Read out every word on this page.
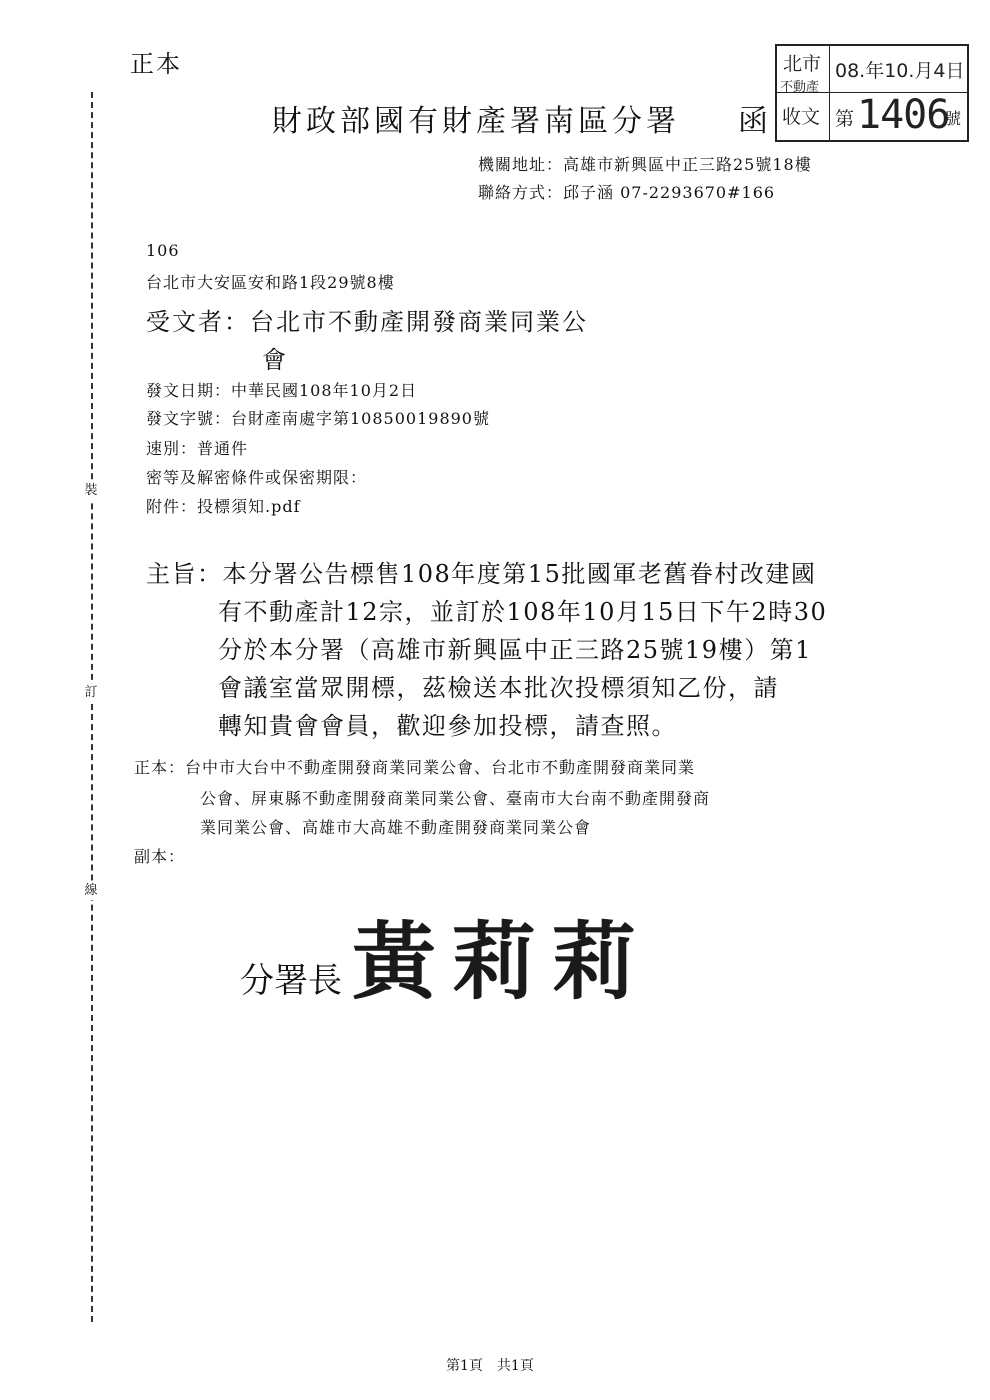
裝
訂
線
正本
財政部國有財產署南區分署 函
北市
不動產
收文
08.年10.月4日
第 1406
號
機關地址：高雄市新興區中正三路25號18樓
聯絡方式：邱子涵 07-2293670#166
106
台北市大安區安和路1段29號8樓
受文者：台北市不動產開發商業同業公
會
發文日期：中華民國108年10月2日
發文字號：台財產南處字第10850019890號
速別：普通件
密等及解密條件或保密期限：
附件：投標須知.pdf
主旨：本分署公告標售108年度第15批國軍老舊眷村改建國
有不動產計12宗，並訂於108年10月15日下午2時30
分於本分署（高雄市新興區中正三路25號19樓）第1
會議室當眾開標，茲檢送本批次投標須知乙份，請
轉知貴會會員，歡迎參加投標，請查照。
正本：台中市大台中不動產開發商業同業公會、台北市不動產開發商業同業
公會、屏東縣不動產開發商業同業公會、臺南市大台南不動產開發商
業同業公會、高雄市大高雄不動產開發商業同業公會
副本：
分署長 黃莉莉
第1頁　共1頁
